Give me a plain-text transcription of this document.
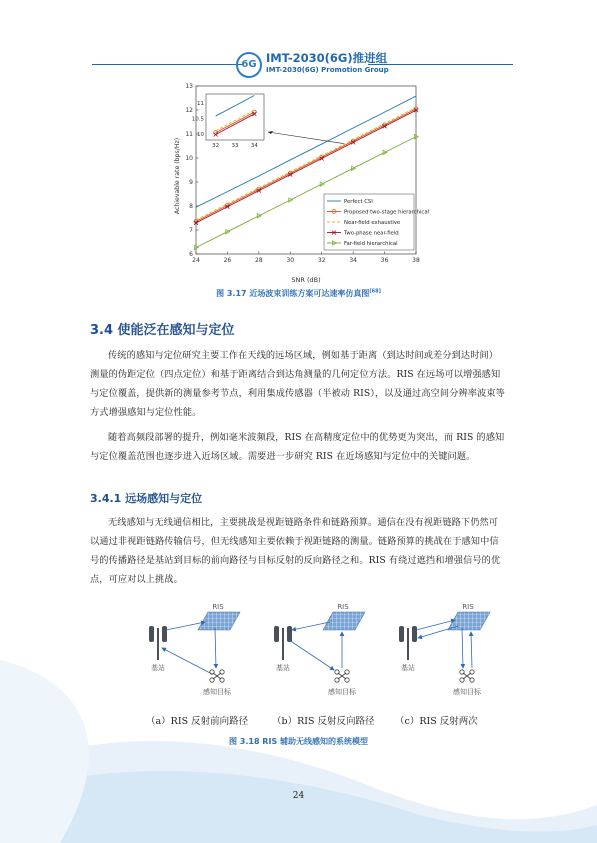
6G IMT-2030(6G)推进组
IMT-2030(6G) Promotion Group
24	26	28	30	32	34	36	38
6
7
8
9
10
11
12
13
32 33 34
10
10.5
11
Perfect CSI
Proposed two-stage hierarchical
Near-field exhaustive
Two-phase near-field
Far-field hierarchical
SNR (dB)
Achievable rate (bps/Hz)
图 3.17 近场波束训练方案可达速率仿真图[68]
3.4 使能泛在感知与定位
传统的感知与定位研究主要工作在天线的远场区域，例如基于距离（到达时间或差分到达时间）测量的伪距定位（四点定位）和基于距离结合到达角测量的几何定位方法。RIS 在远场可以增强感知与定位覆盖，提供新的测量参考节点，利用集成传感器（半被动 RIS），以及通过高空间分辨率波束等方式增强感知与定位性能。
随着高频段部署的提升，例如毫米波频段，RIS 在高精度定位中的优势更为突出，而 RIS 的感知与定位覆盖范围也逐步进入近场区域。需要进一步研究 RIS 在近场感知与定位中的关键问题。
3.4.1 远场感知与定位
无线感知与无线通信相比，主要挑战是视距链路条件和链路预算。通信在没有视距链路下仍然可以通过非视距链路传输信号，但无线感知主要依赖于视距链路的测量。链路预算的挑战在于感知中信号的传播路径是基站到目标的前向路径与目标反射的反向路径之和。RIS 有绕过遮挡和增强信号的优点，可应对以上挑战。
RIS
基站
感知目标
RIS
基站
感知目标
RIS
基站
感知目标
（a）RIS 反射前向路径	（b）RIS 反射反向路径 （c）RIS 反射两次
图 3.18 RIS 辅助无线感知的系统模型
24
